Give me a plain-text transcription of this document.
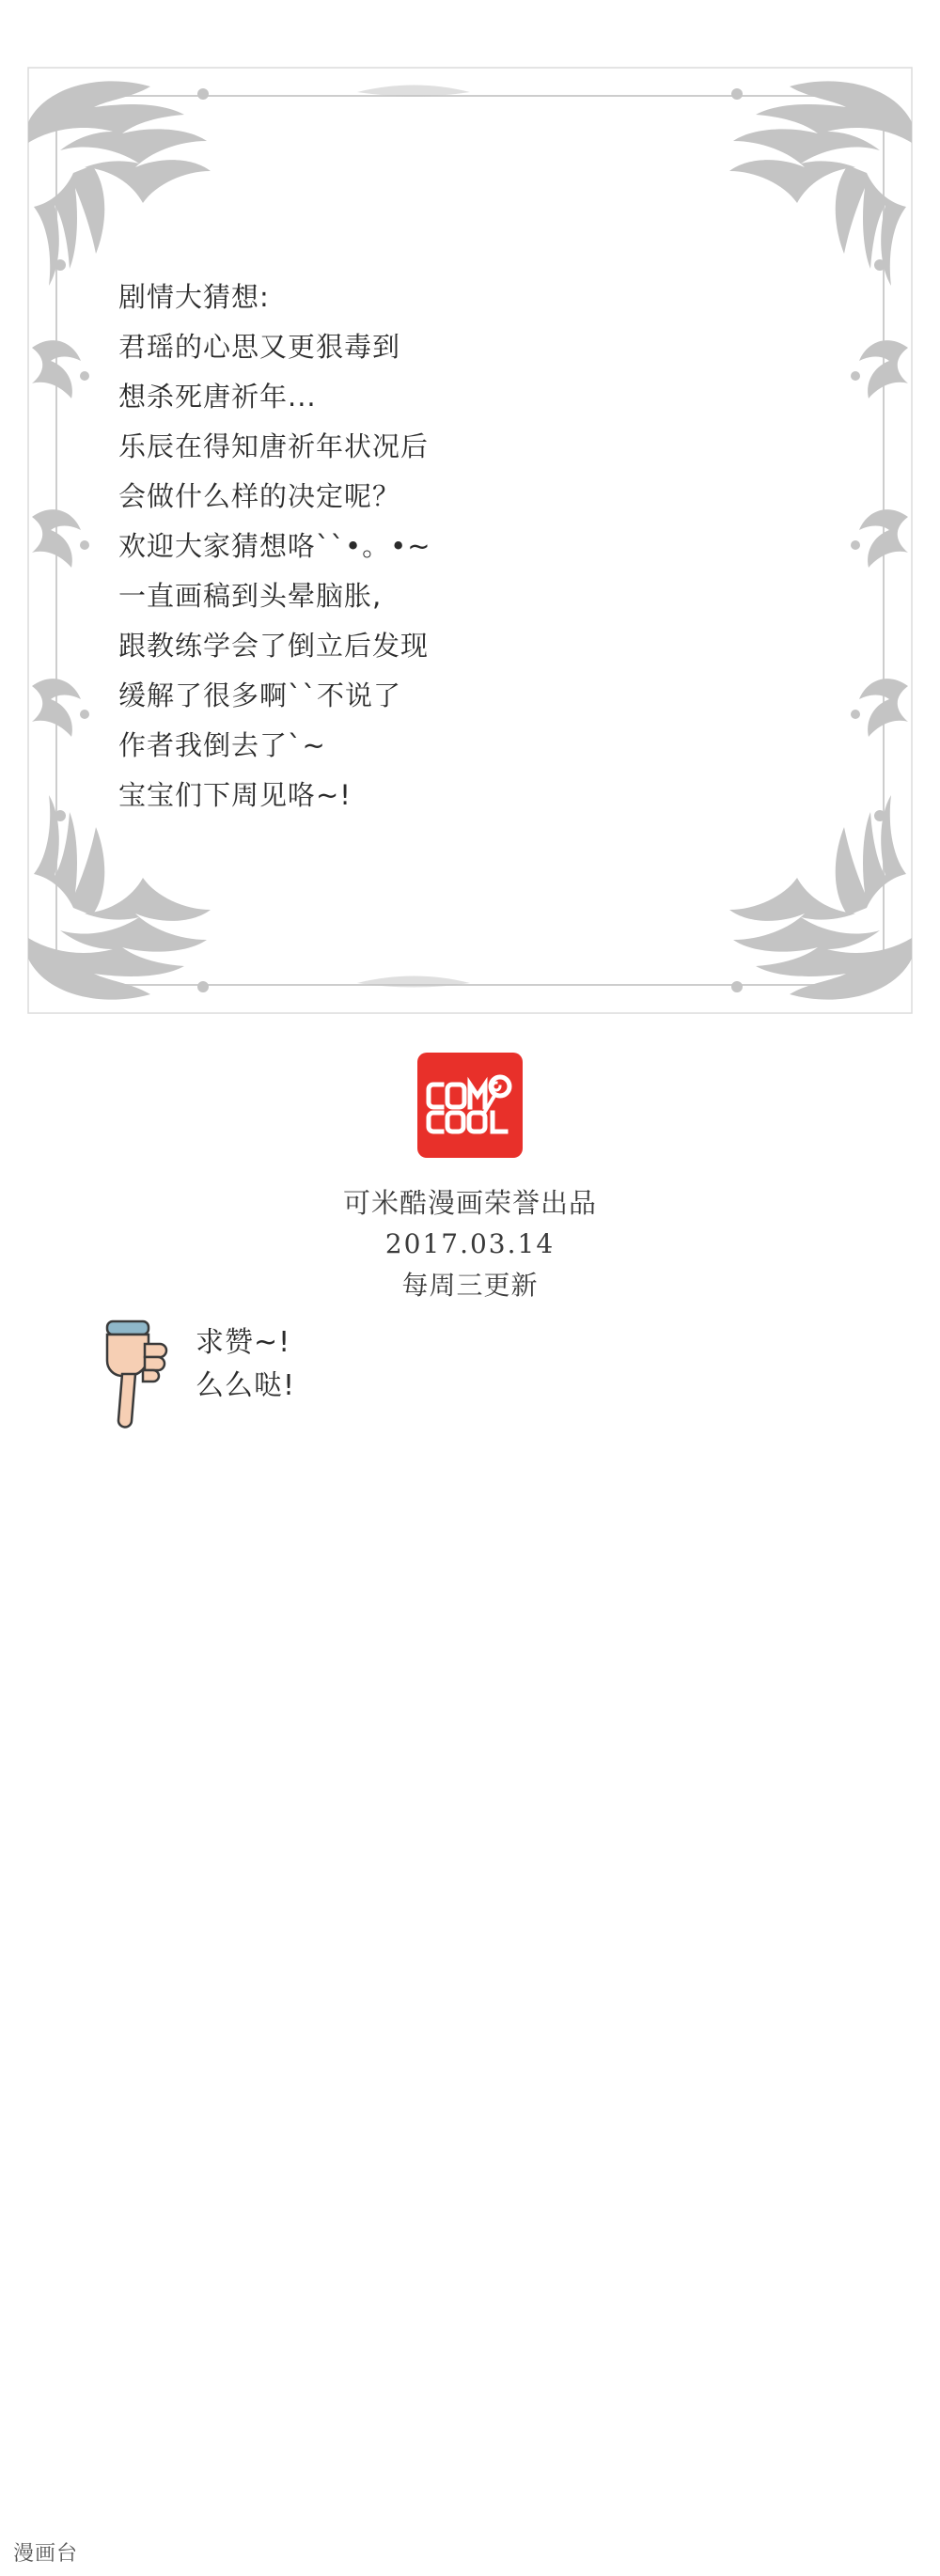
剧情大猜想:
君瑶的心思又更狠毒到
想杀死唐祈年...
乐辰在得知唐祈年状况后
会做什么样的决定呢？
欢迎大家猜想咯``•。•~
一直画稿到头晕脑胀,
跟教练学会了倒立后发现
缓解了很多啊``不说了
作者我倒去了`~
宝宝们下周见咯~!
可米酷漫画荣誉出品
2017.03.14
每周三更新
求赞~!
么么哒!
漫画台
